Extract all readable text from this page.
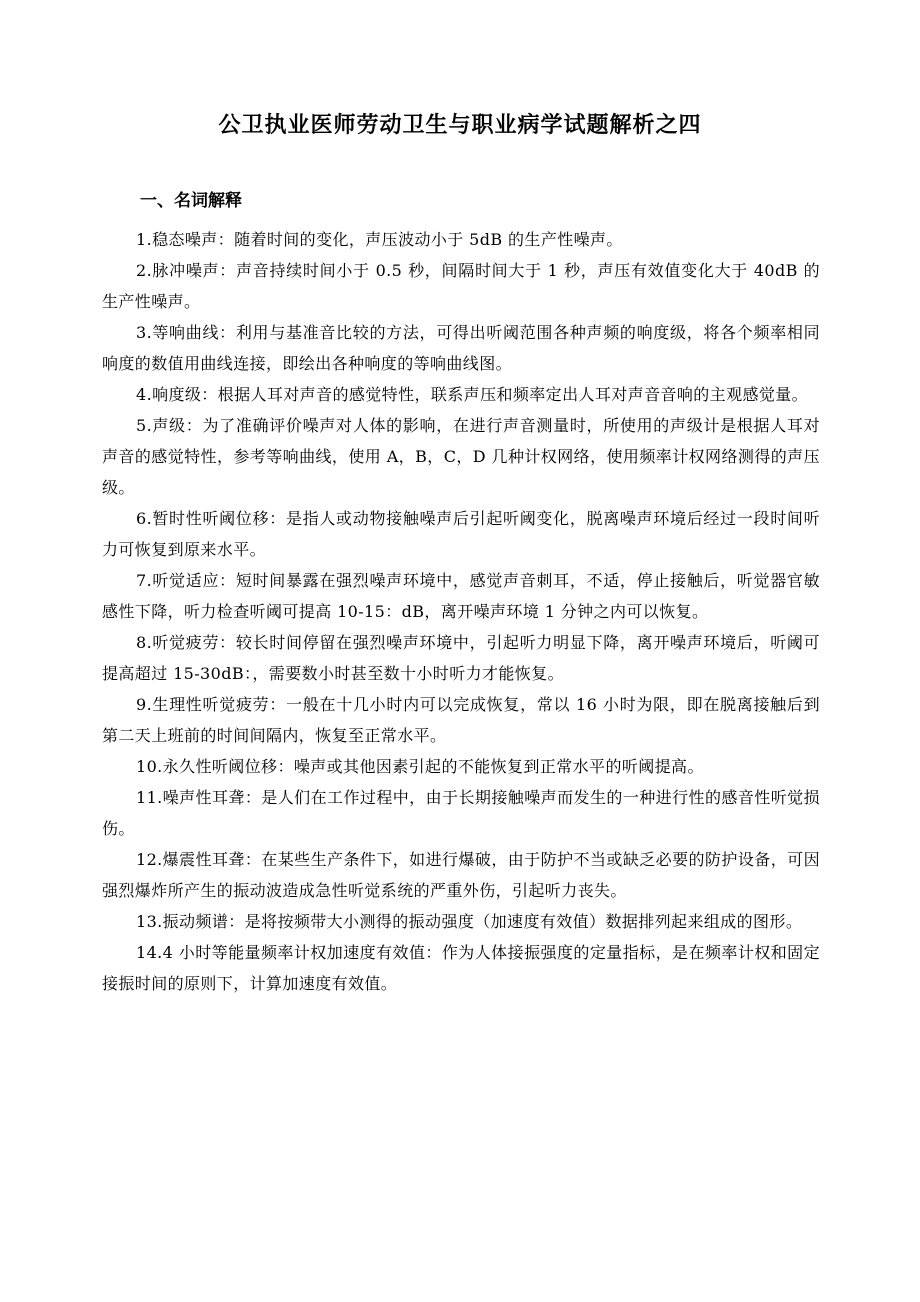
公卫执业医师劳动卫生与职业病学试题解析之四
一、名词解释

1.稳态噪声：随着时间的变化，声压波动小于 5dB 的生产性噪声。

2.脉冲噪声：声音持续时间小于 0.5 秒，间隔时间大于 1 秒，声压有效值变化大于 40dB 的生产性噪声。

3.等响曲线：利用与基准音比较的方法，可得出听阈范围各种声频的响度级，将各个频率相同响度的数值用曲线连接，即绘出各种响度的等响曲线图。

4.响度级：根据人耳对声音的感觉特性，联系声压和频率定出人耳对声音音响的主观感觉量。

5.声级：为了准确评价噪声对人体的影响，在进行声音测量时，所使用的声级计是根据人耳对声音的感觉特性，参考等响曲线，使用 A，B，C，D 几种计权网络，使用频率计权网络测得的声压级。

6.暂时性听阈位移：是指人或动物接触噪声后引起听阈变化，脱离噪声环境后经过一段时间听力可恢复到原来水平。

7.听觉适应：短时间暴露在强烈噪声环境中，感觉声音刺耳，不适，停止接触后，听觉器官敏感性下降，听力检查听阈可提高 10-15：dB，离开噪声环境 1 分钟之内可以恢复。

8.听觉疲劳：较长时间停留在强烈噪声环境中，引起听力明显下降，离开噪声环境后，听阈可提高超过 15-30dB：，需要数小时甚至数十小时听力才能恢复。

9.生理性听觉疲劳：一般在十几小时内可以完成恢复，常以 16 小时为限，即在脱离接触后到第二天上班前的时间间隔内，恢复至正常水平。

10.永久性听阈位移：噪声或其他因素引起的不能恢复到正常水平的听阈提高。

11.噪声性耳聋：是人们在工作过程中，由于长期接触噪声而发生的一种进行性的感音性听觉损伤。

12.爆震性耳聋：在某些生产条件下，如进行爆破，由于防护不当或缺乏必要的防护设备，可因强烈爆炸所产生的振动波造成急性听觉系统的严重外伤，引起听力丧失。

13.振动频谱：是将按频带大小测得的振动强度（加速度有效值）数据排列起来组成的图形。

14.4 小时等能量频率计权加速度有效值：作为人体接振强度的定量指标，是在频率计权和固定接振时间的原则下，计算加速度有效值。
